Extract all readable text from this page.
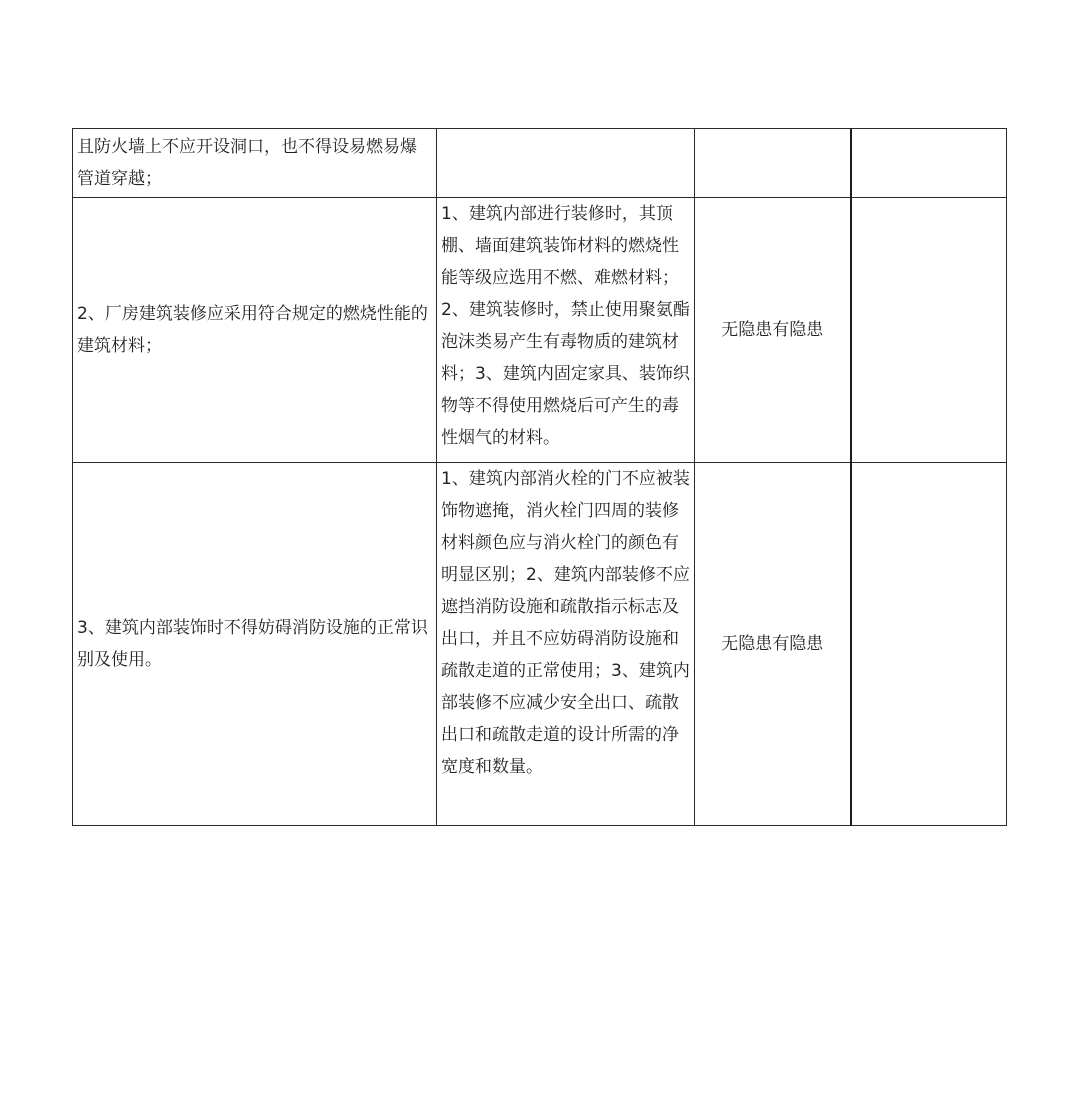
且防火墙上不应开设洞口，也不得设易燃易爆管道穿越；			
2、厂房建筑装修应采用符合规定的燃烧性能的建筑材料；	1、建筑内部进行装修时，其顶棚、墙面建筑装饰材料的燃烧性能等级应选用不燃、难燃材料；2、建筑装修时，禁止使用聚氨酯泡沫类易产生有毒物质的建筑材料；3、建筑内固定家具、装饰织物等不得使用燃烧后可产生的毒性烟气的材料。	无隐患有隐患	
3、建筑内部装饰时不得妨碍消防设施的正常识别及使用。	1、建筑内部消火栓的门不应被装饰物遮掩，消火栓门四周的装修材料颜色应与消火栓门的颜色有明显区别；2、建筑内部装修不应遮挡消防设施和疏散指示标志及出口，并且不应妨碍消防设施和疏散走道的正常使用；3、建筑内部装修不应减少安全出口、疏散出口和疏散走道的设计所需的净宽度和数量。	无隐患有隐患	
